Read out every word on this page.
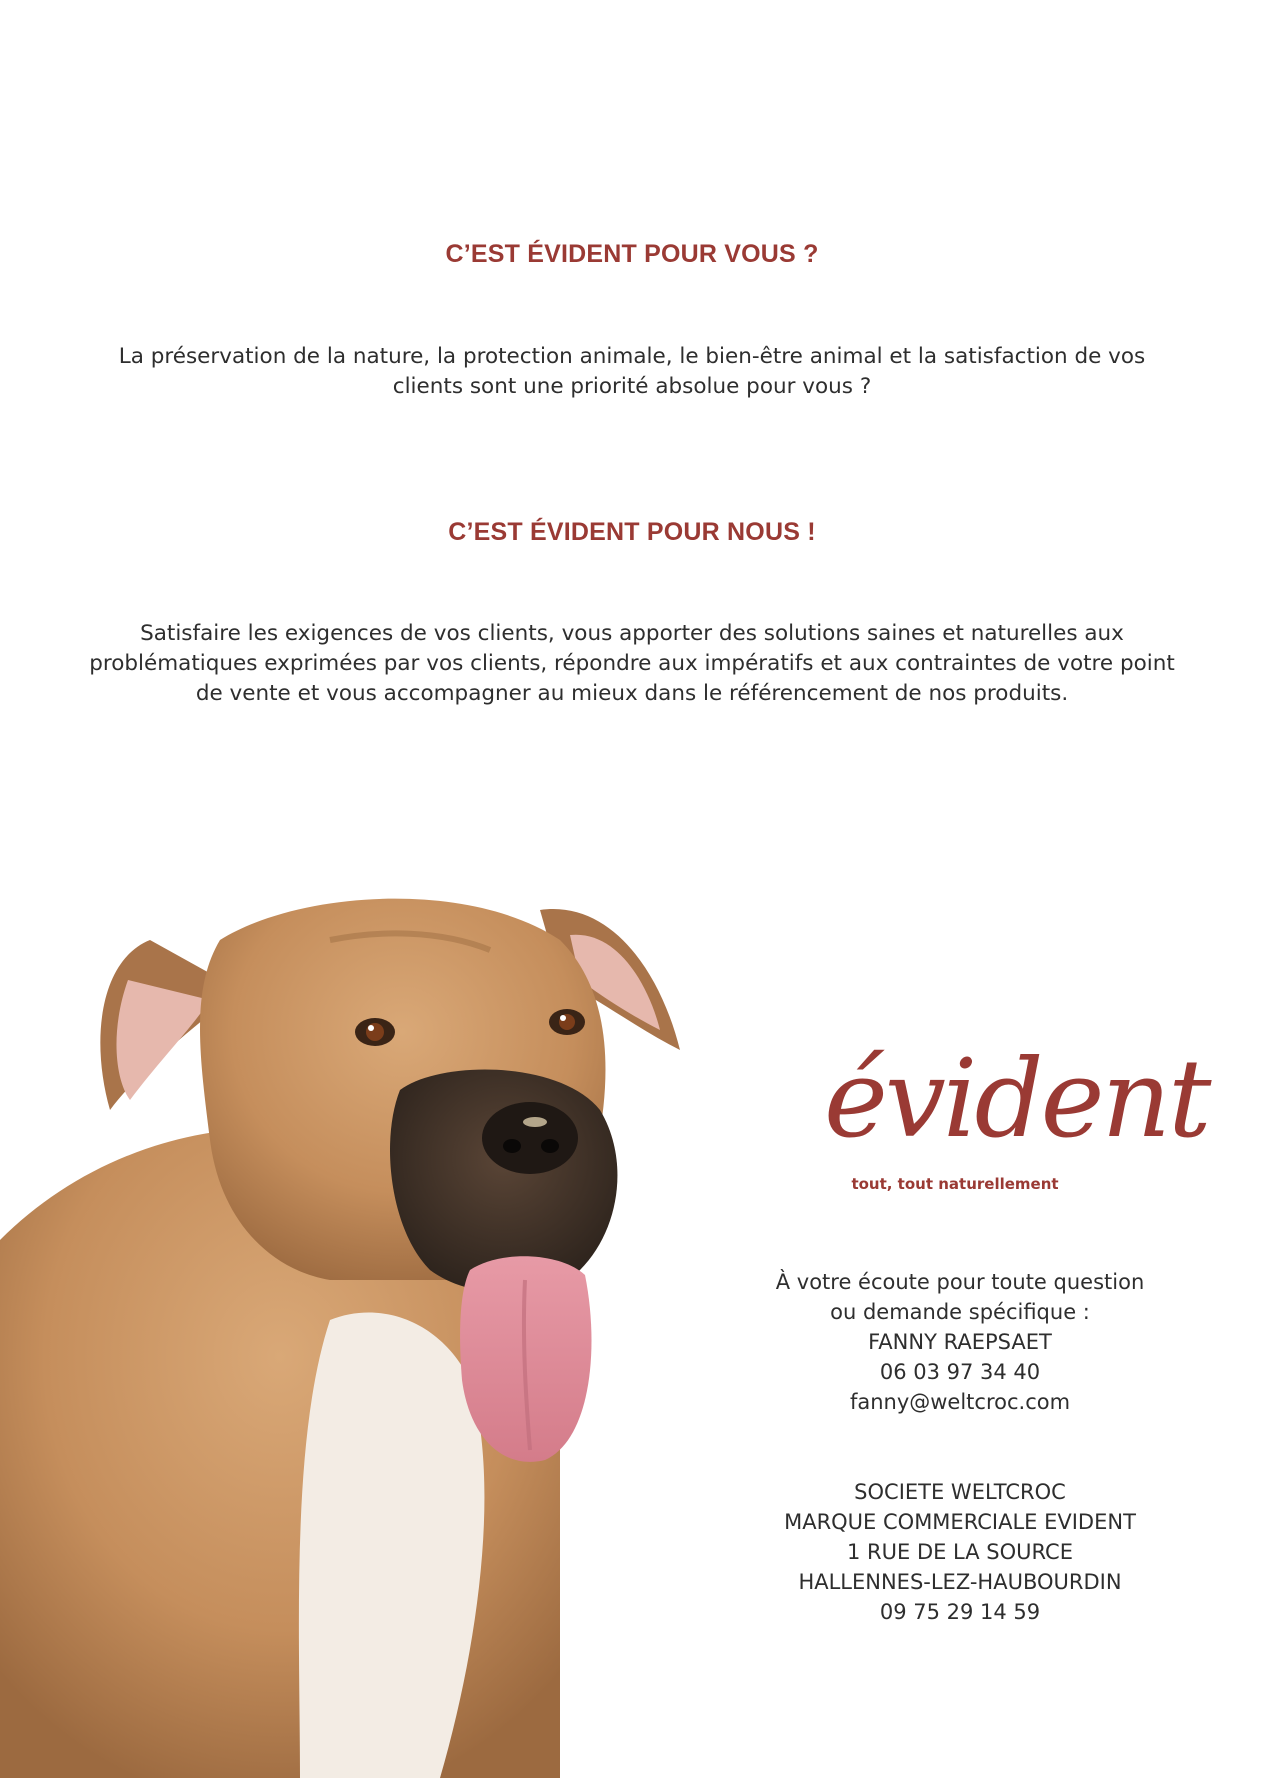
C’EST ÉVIDENT POUR VOUS ?
La préservation de la nature, la protection animale, le bien-être animal et la satisfaction de vos
clients sont une priorité absolue pour vous ?
C’EST ÉVIDENT POUR NOUS !
Satisfaire les exigences de vos clients, vous apporter des solutions saines et naturelles aux
problématiques exprimées par vos clients, répondre aux impératifs et aux contraintes de votre point
de vente et vous accompagner au mieux dans le référencement de nos produits.
évident
tout, tout naturellement
À votre écoute pour toute question
ou demande spécifique :
FANNY RAEPSAET
06 03 97 34 40
fanny@weltcroc.com
SOCIETE WELTCROC
MARQUE COMMERCIALE EVIDENT
1 RUE DE LA SOURCE
HALLENNES-LEZ-HAUBOURDIN
09 75 29 14 59
